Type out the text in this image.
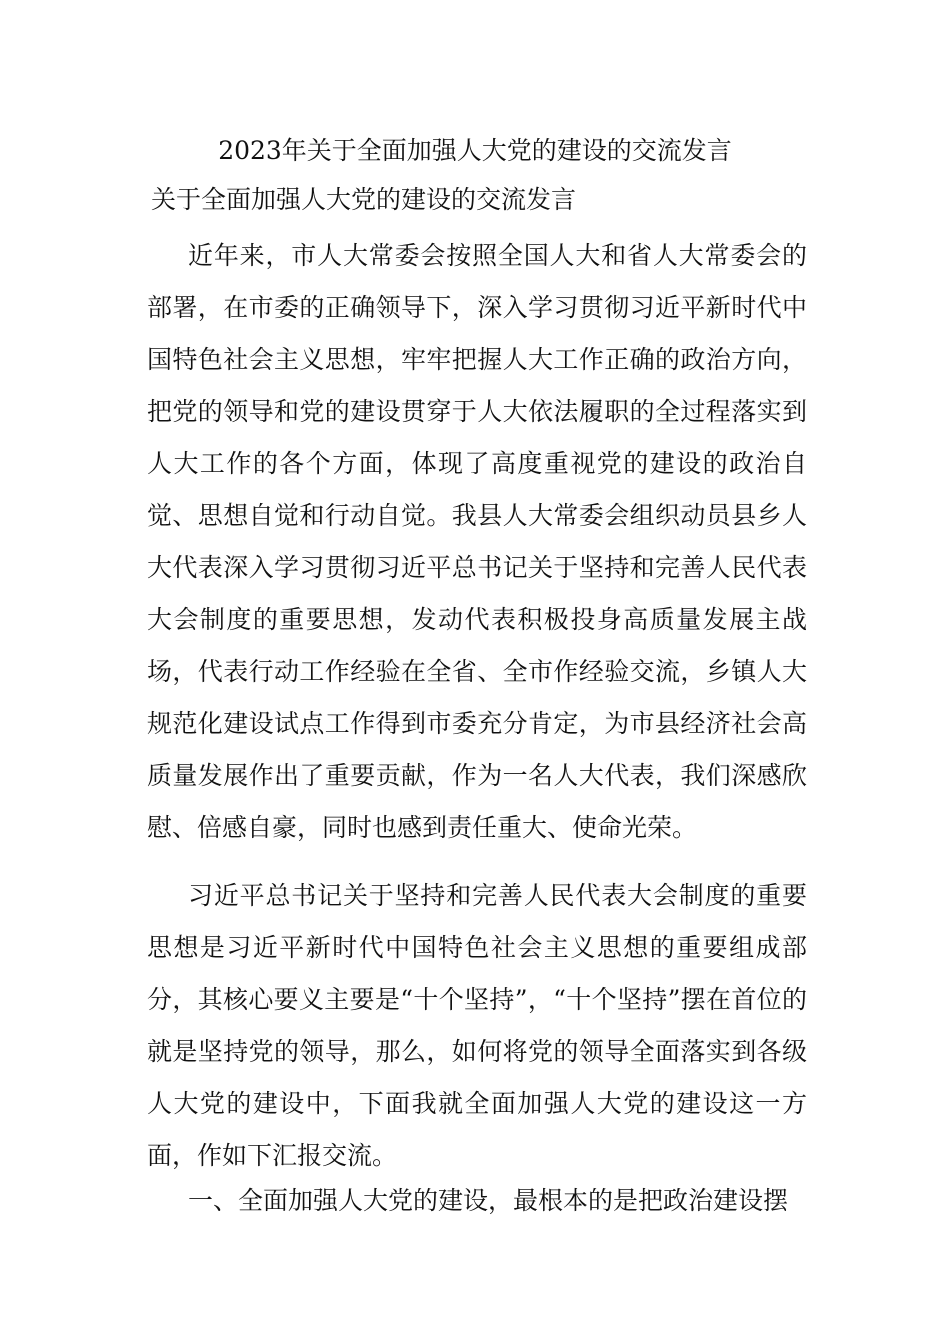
2023年关于全面加强人大党的建设的交流发言
关于全面加强人大党的建设的交流发言

近年来，市人大常委会按照全国人大和省人大常委会的部署，在市委的正确领导下，深入学习贯彻习近平新时代中国特色社会主义思想，牢牢把握人大工作正确的政治方向，把党的领导和党的建设贯穿于人大依法履职的全过程落实到人大工作的各个方面，体现了高度重视党的建设的政治自觉、思想自觉和行动自觉。我县人大常委会组织动员县乡人大代表深入学习贯彻习近平总书记关于坚持和完善人民代表大会制度的重要思想，发动代表积极投身高质量发展主战场，代表行动工作经验在全省、全市作经验交流，乡镇人大规范化建设试点工作得到市委充分肯定，为市县经济社会高质量发展作出了重要贡献，作为一名人大代表，我们深感欣慰、倍感自豪，同时也感到责任重大、使命光荣。

习近平总书记关于坚持和完善人民代表大会制度的重要思想是习近平新时代中国特色社会主义思想的重要组成部分，其核心要义主要是“十个坚持”，“十个坚持”摆在首位的就是坚持党的领导，那么，如何将党的领导全面落实到各级人大党的建设中，下面我就全面加强人大党的建设这一方面，作如下汇报交流。

一、全面加强人大党的建设，最根本的是把政治建设摆
